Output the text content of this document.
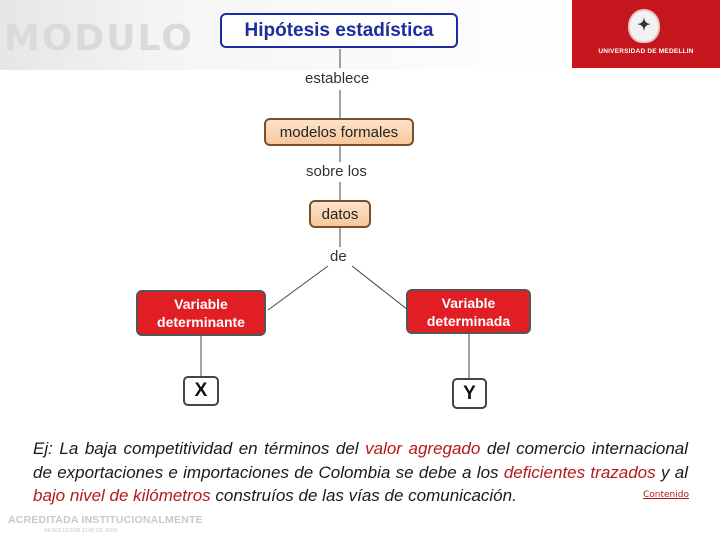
MODULO	✦
UNIVERSIDAD DE MEDELLIN
Hipótesis estadística
establece
modelos formales
sobre los
datos
de
Variable
determinante
Variable
determinada
X	Y

Ej: La baja competitividad en términos del valor agregado del comercio internacional de exportaciones e importaciones de Colombia se debe a los deficientes trazados y al bajo nivel de kilómetros construíos de las vías de comunicación.	Contenido
ACREDITADA INSTITUCIONALMENTE
RESOLUCIÓN 5148 DE 2009
